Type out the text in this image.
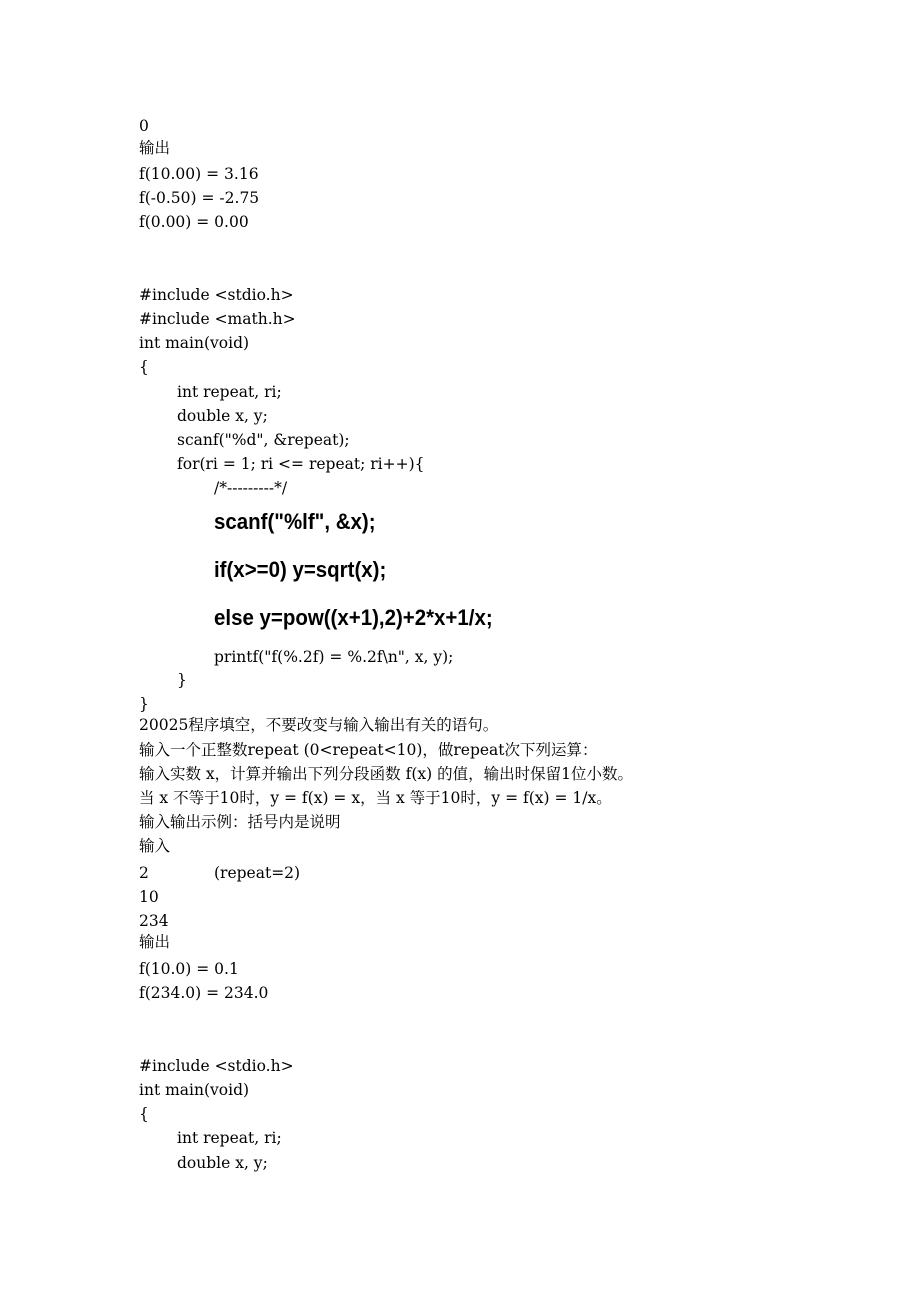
0
输出
f(10.00) = 3.16
f(-0.50) = -2.75
f(0.00) = 0.00
#include <stdio.h>
#include <math.h>
int main(void)
{
int repeat, ri;
double x, y;
scanf("%d", &repeat);
for(ri = 1; ri <= repeat; ri++){
/*---------*/
scanf("%lf", &x);
if(x>=0) y=sqrt(x);
else y=pow((x+1),2)+2*x+1/x;
printf("f(%.2f) = %.2f\n", x, y);
}
}
20025程序填空，不要改变与输入输出有关的语句。
输入一个正整数repeat (0<repeat<10)，做repeat次下列运算：
输入实数 x，计算并输出下列分段函数 f(x) 的值，输出时保留1位小数。
当 x 不等于10时，y = f(x) = x，当 x 等于10时，y = f(x) = 1/x。
输入输出示例：括号内是说明
输入
2	(repeat=2)
10
234
输出
f(10.0) = 0.1
f(234.0) = 234.0
#include <stdio.h>
int main(void)
{
int repeat, ri;
double x, y;
